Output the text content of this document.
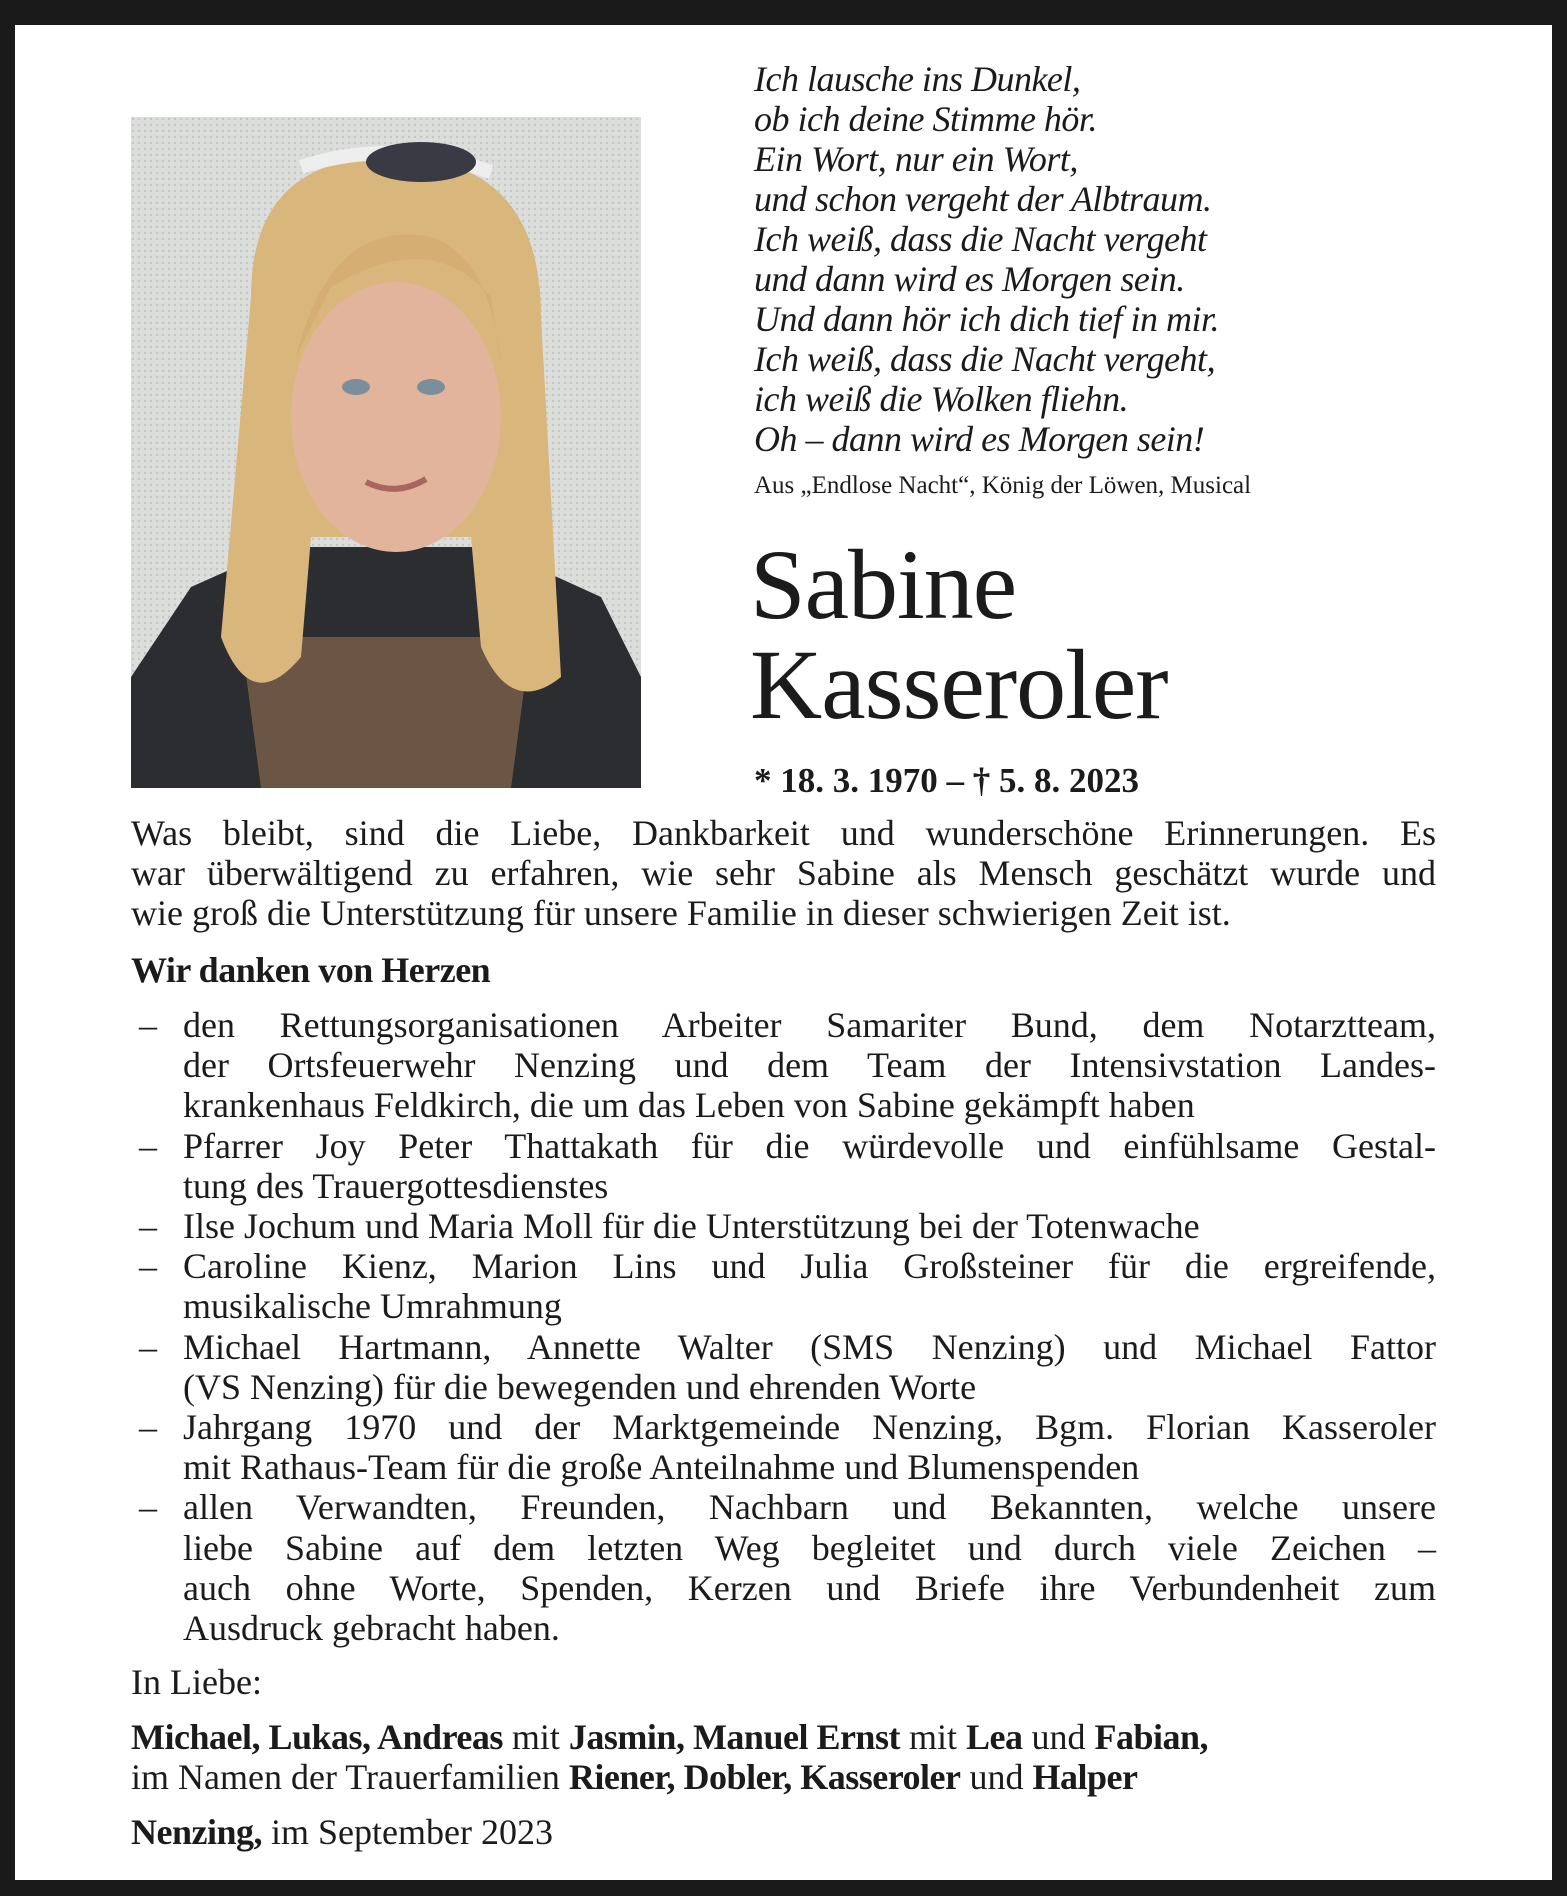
Ich lausche ins Dunkel,
ob ich deine Stimme hör.
Ein Wort, nur ein Wort,
und schon vergeht der Albtraum.
Ich weiß, dass die Nacht vergeht
und dann wird es Morgen sein.
Und dann hör ich dich tief in mir.
Ich weiß, dass die Nacht vergeht,
ich weiß die Wolken fliehn.
Oh – dann wird es Morgen sein!
Aus „Endlose Nacht“, König der Löwen, Musical
Sabine
Kasseroler
* 18. 3. 1970 – † 5. 8. 2023
Was bleibt, sind die Liebe, Dankbarkeit und wunderschöne Erinnerungen. Es
war überwältigend zu erfahren, wie sehr Sabine als Mensch geschätzt wurde und
wie groß die Unterstützung für unsere Familie in dieser schwierigen Zeit ist.
Wir danken von Herzen
– den Rettungsorganisationen Arbeiter Samariter Bund, dem Notarztteam,
der Ortsfeuerwehr Nenzing und dem Team der Intensivstation Landes-
krankenhaus Feldkirch, die um das Leben von Sabine gekämpft haben
– Pfarrer Joy Peter Thattakath für die würdevolle und einfühlsame Gestal-
tung des Trauergottesdienstes
– Ilse Jochum und Maria Moll für die Unterstützung bei der Totenwache
– Caroline Kienz, Marion Lins und Julia Großsteiner für die ergreifende,
musikalische Umrahmung
– Michael Hartmann, Annette Walter (SMS Nenzing) und Michael Fattor
(VS Nenzing) für die bewegenden und ehrenden Worte
– Jahrgang 1970 und der Marktgemeinde Nenzing, Bgm. Florian Kasseroler
mit Rathaus-Team für die große Anteilnahme und Blumenspenden
– allen Verwandten, Freunden, Nachbarn und Bekannten, welche unsere
liebe Sabine auf dem letzten Weg begleitet und durch viele Zeichen –
auch ohne Worte, Spenden, Kerzen und Briefe ihre Verbundenheit zum
Ausdruck gebracht haben.
In Liebe:
Michael, Lukas, Andreas mit Jasmin, Manuel Ernst mit Lea und Fabian,
im Namen der Trauerfamilien Riener, Dobler, Kasseroler und Halper
Nenzing, im September 2023
